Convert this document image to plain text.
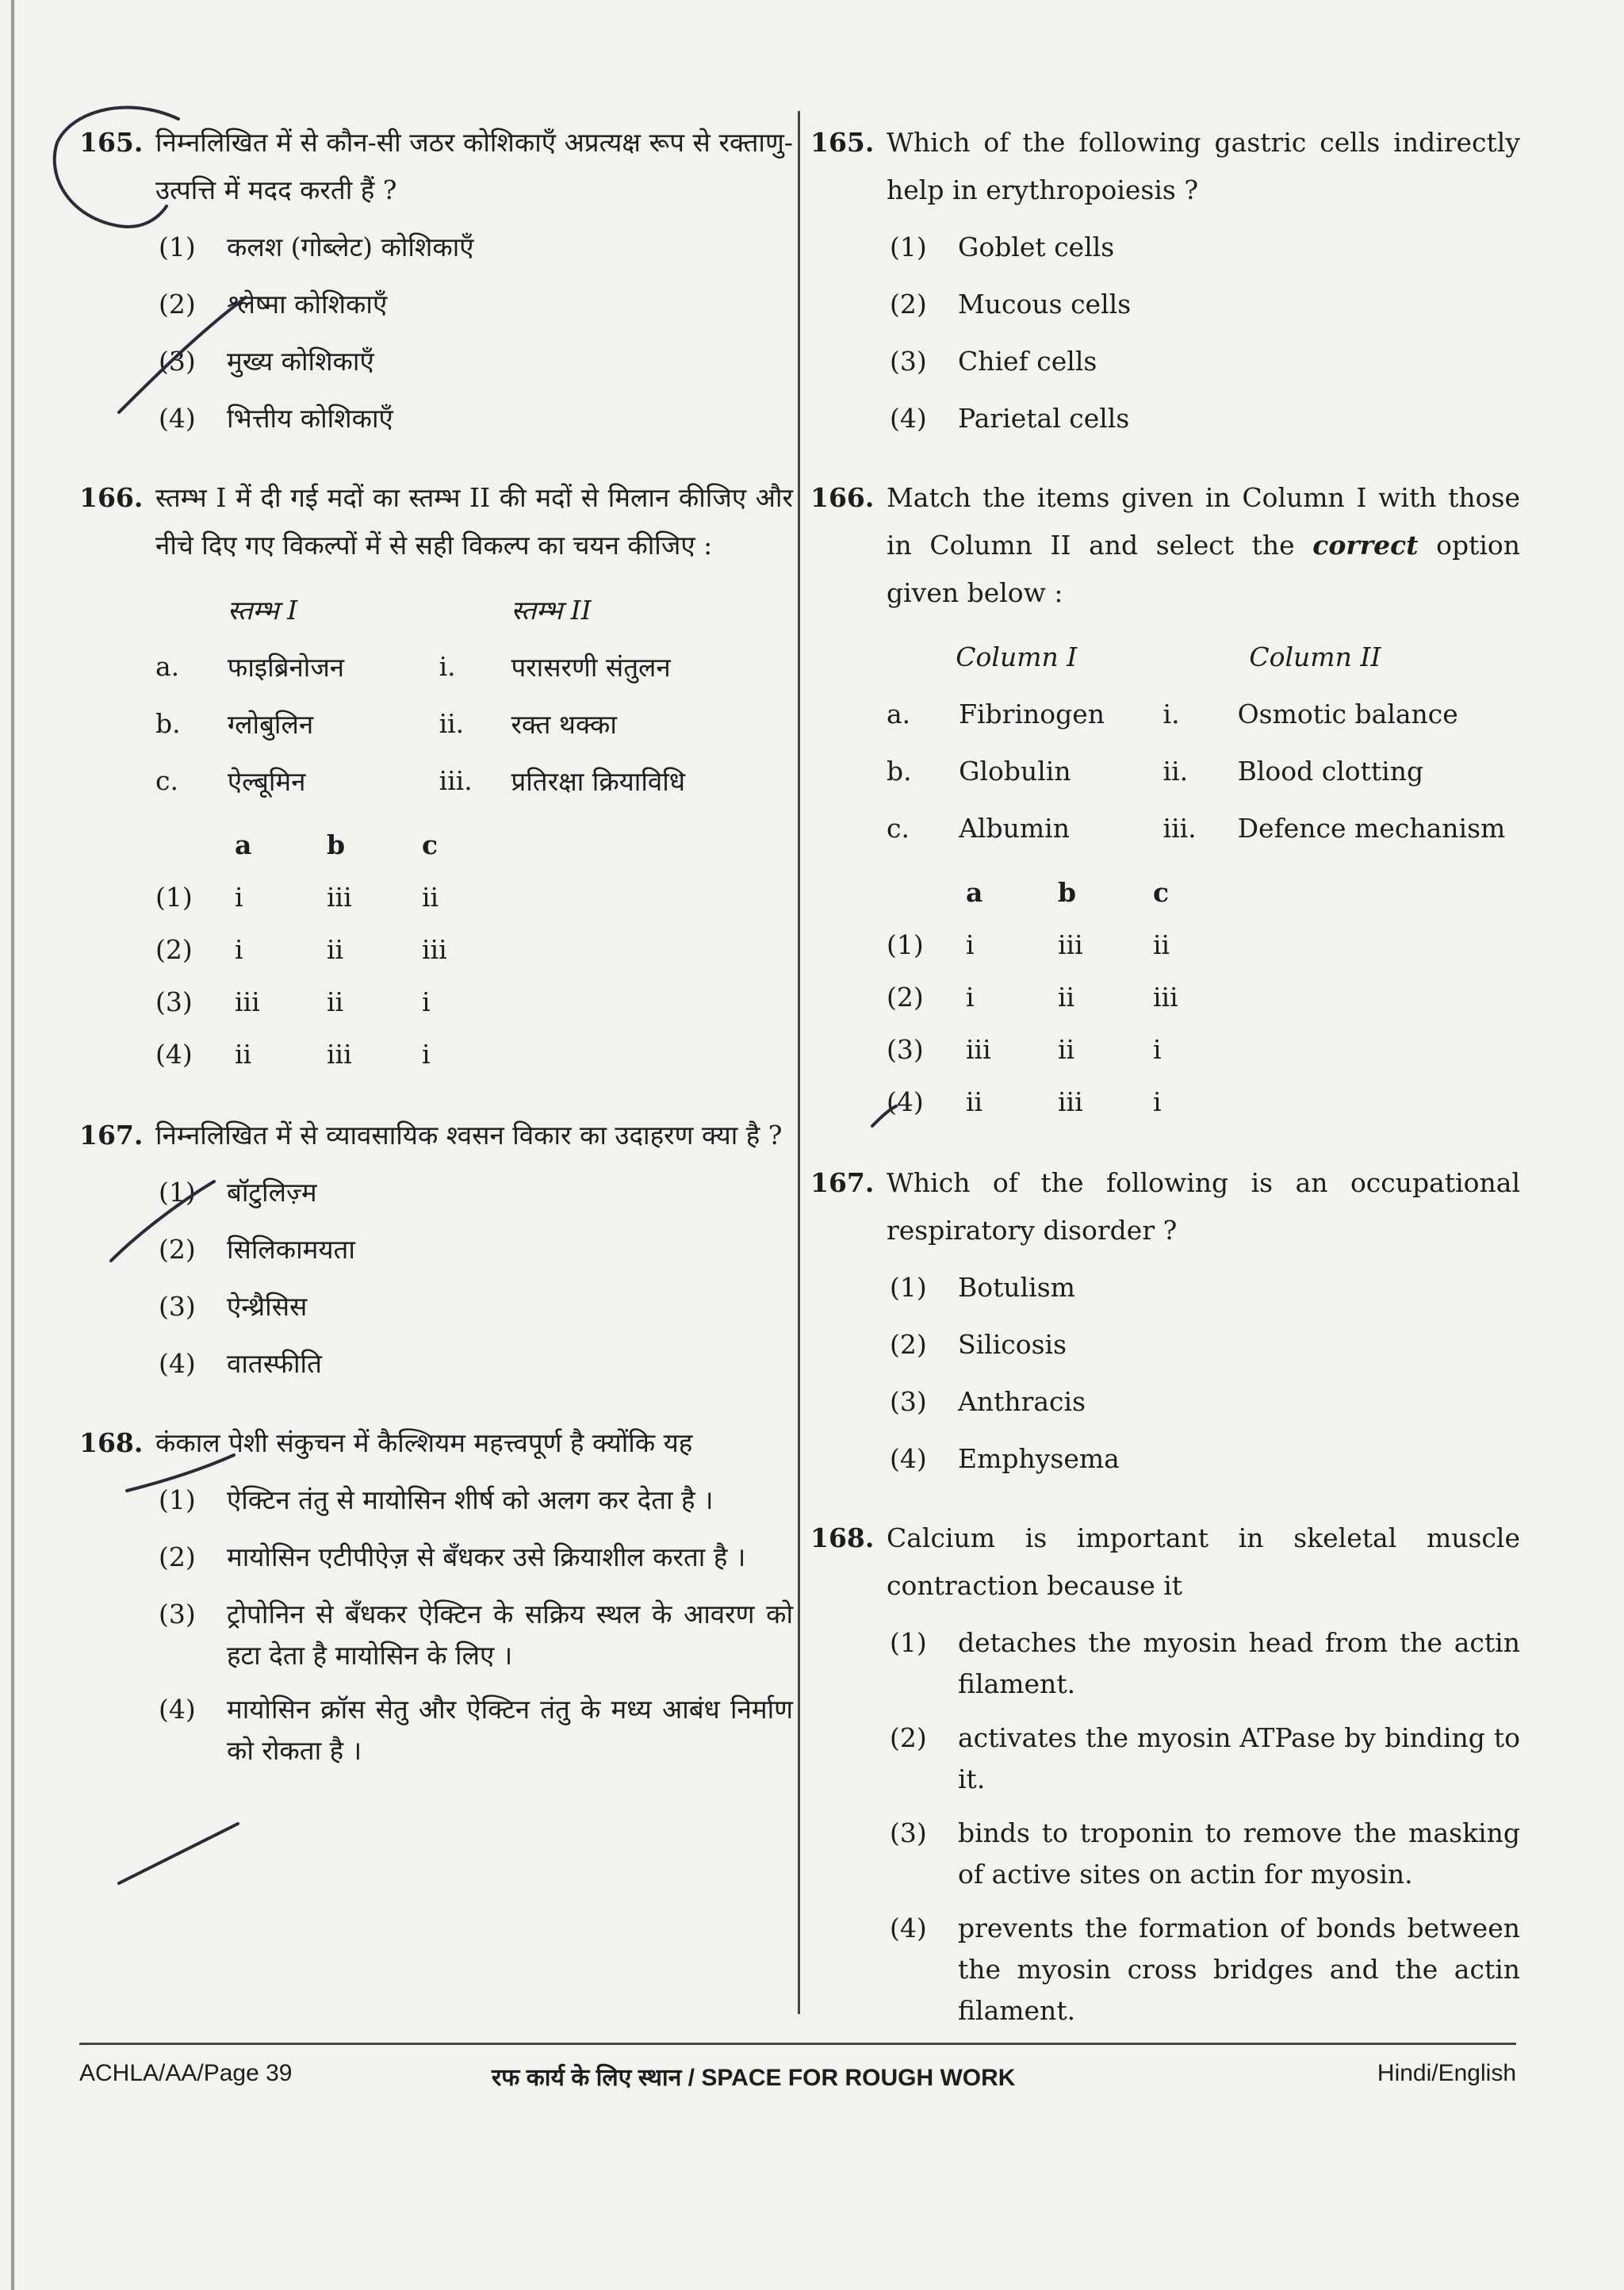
165. निम्नलिखित में से कौन-सी जठर कोशिकाएँ अप्रत्यक्ष रूप से रक्ताणु-उत्पत्ति में मदद करती हैं ?
(1)	कलश (गोब्लेट) कोशिकाएँ
(2)	श्लेष्मा कोशिकाएँ
(3)	मुख्य कोशिकाएँ
(4)	भित्तीय कोशिकाएँ
166. स्तम्भ I में दी गई मदों का स्तम्भ II की मदों से मिलान कीजिए और नीचे दिए गए विकल्पों में से सही विकल्प का चयन कीजिए :
स्तम्भ I	स्तम्भ II
a.	फाइब्रिनोजन	i.	परासरणी संतुलन
b.	ग्लोबुलिन	ii.	रक्त थक्का
c.	ऐल्बूमिन	iii.	प्रतिरक्षा क्रियाविधि
a	b	c
(1)	i	iii	ii
(2)	i	ii	iii
(3)	iii	ii	i
(4)	ii	iii	i
167. निम्नलिखित में से व्यावसायिक श्वसन विकार का उदाहरण क्या है ?
(1)	बॉटुलिज़्म
(2)	सिलिकामयता
(3)	ऐन्थ्रैसिस
(4)	वातस्फीति
168. कंकाल पेशी संकुचन में कैल्शियम महत्त्वपूर्ण है क्योंकि यह
(1)	ऐक्टिन तंतु से मायोसिन शीर्ष को अलग कर देता है ।
(2)	मायोसिन एटीपीऐज़ से बँधकर उसे क्रियाशील करता है ।
(3)	ट्रोपोनिन से बँधकर ऐक्टिन के सक्रिय स्थल के आवरण को हटा देता है मायोसिन के लिए ।
(4)	मायोसिन क्रॉस सेतु और ऐक्टिन तंतु के मध्य आबंध निर्माण को रोकता है ।
165. Which of the following gastric cells indirectly help in erythropoiesis ?
(1)	Goblet cells
(2)	Mucous cells
(3)	Chief cells
(4)	Parietal cells
166. Match the items given in Column I with those in Column II and select the correct option given below :
Column I	Column II
a.	Fibrinogen	i.	Osmotic balance
b.	Globulin	ii.	Blood clotting
c.	Albumin	iii.	Defence mechanism
a	b	c
(1)	i	iii	ii
(2)	i	ii	iii
(3)	iii	ii	i
(4)	ii	iii	i
167. Which of the following is an occupational respiratory disorder ?
(1)	Botulism
(2)	Silicosis
(3)	Anthracis
(4)	Emphysema
168. Calcium is important in skeletal muscle contraction because it
(1)	detaches the myosin head from the actin filament.
(2)	activates the myosin ATPase by binding to it.
(3)	binds to troponin to remove the masking of active sites on actin for myosin.
(4)	prevents the formation of bonds between the myosin cross bridges and the actin filament.
ACHLA/AA/Page 39	रफ कार्य के लिए स्थान / SPACE FOR ROUGH WORK	Hindi/English
